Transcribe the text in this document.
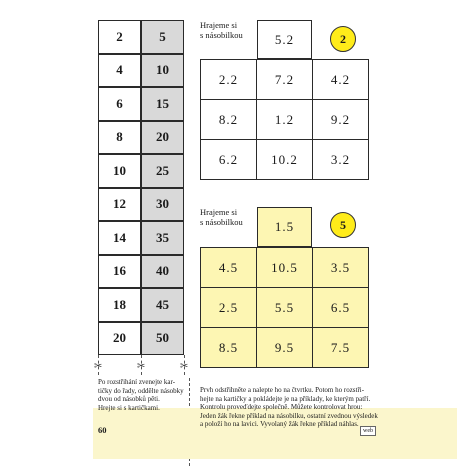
2	5
4	10
6	15
8	20
10	25
12	30
14	35
16	40
18	45
20	50
✂	✂	✂
Hrajeme si
s násobilkou	5.2	2
2.2	7.2	4.2
8.2	1.2	9.2
6.2	10.2	3.2
Hrajeme si
s násobilkou	1.5	5
4.5	10.5	3.5
2.5	5.5	6.5
8.5	9.5	7.5
Po rozstřihání zvenejte kar-
tičky do řady, oddělte násobky
dvou od násobků pěti.
Hrejte si s kartičkami.
Prvh odstřihněte a nalepte ho na čtvrtku. Potom ho rozstři-
hejte na kartičky a pokládejte je na příklady, ke kterým patří.
Kontrolu proveďdejte společně. Můžete kontrolovat hrou:
Jeden žák řekne příklad na násobilku, ostatní zvednou výsledek
a položí ho na lavici. Vyvolaný žák řekne příklad náhlas.
60	web
